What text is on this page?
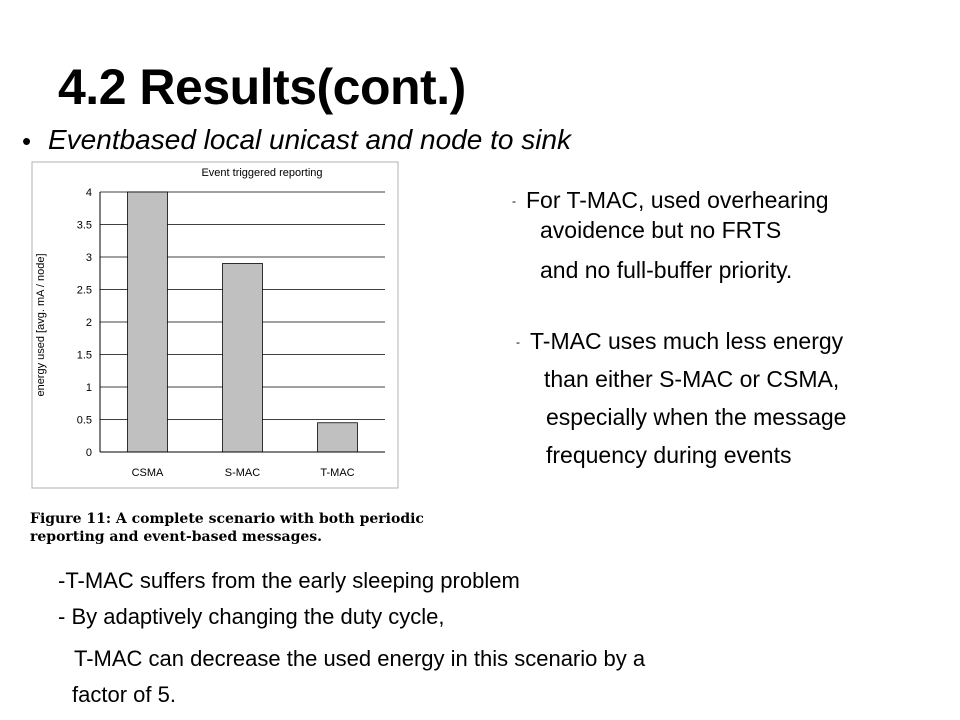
4.2 Results(cont.)
• Eventbased local unicast and node to sink
Event triggered reporting
energy used [avg. mA / node]
0
0.5
1
1.5
2
2.5
3
3.5
4
CSMA	S-MAC	T-MAC
Figure 11: A complete scenario with both periodic
reporting and event-based messages.
- For T-MAC, used overhearing
avoidence but no FRTS
and no full-buffer priority.
- T-MAC uses much less energy
than either S-MAC or CSMA,
especially when the message
frequency during events
-T-MAC suffers from the early sleeping problem
- By adaptively changing the duty cycle,
T-MAC can decrease the used energy in this scenario by a
factor of 5.
